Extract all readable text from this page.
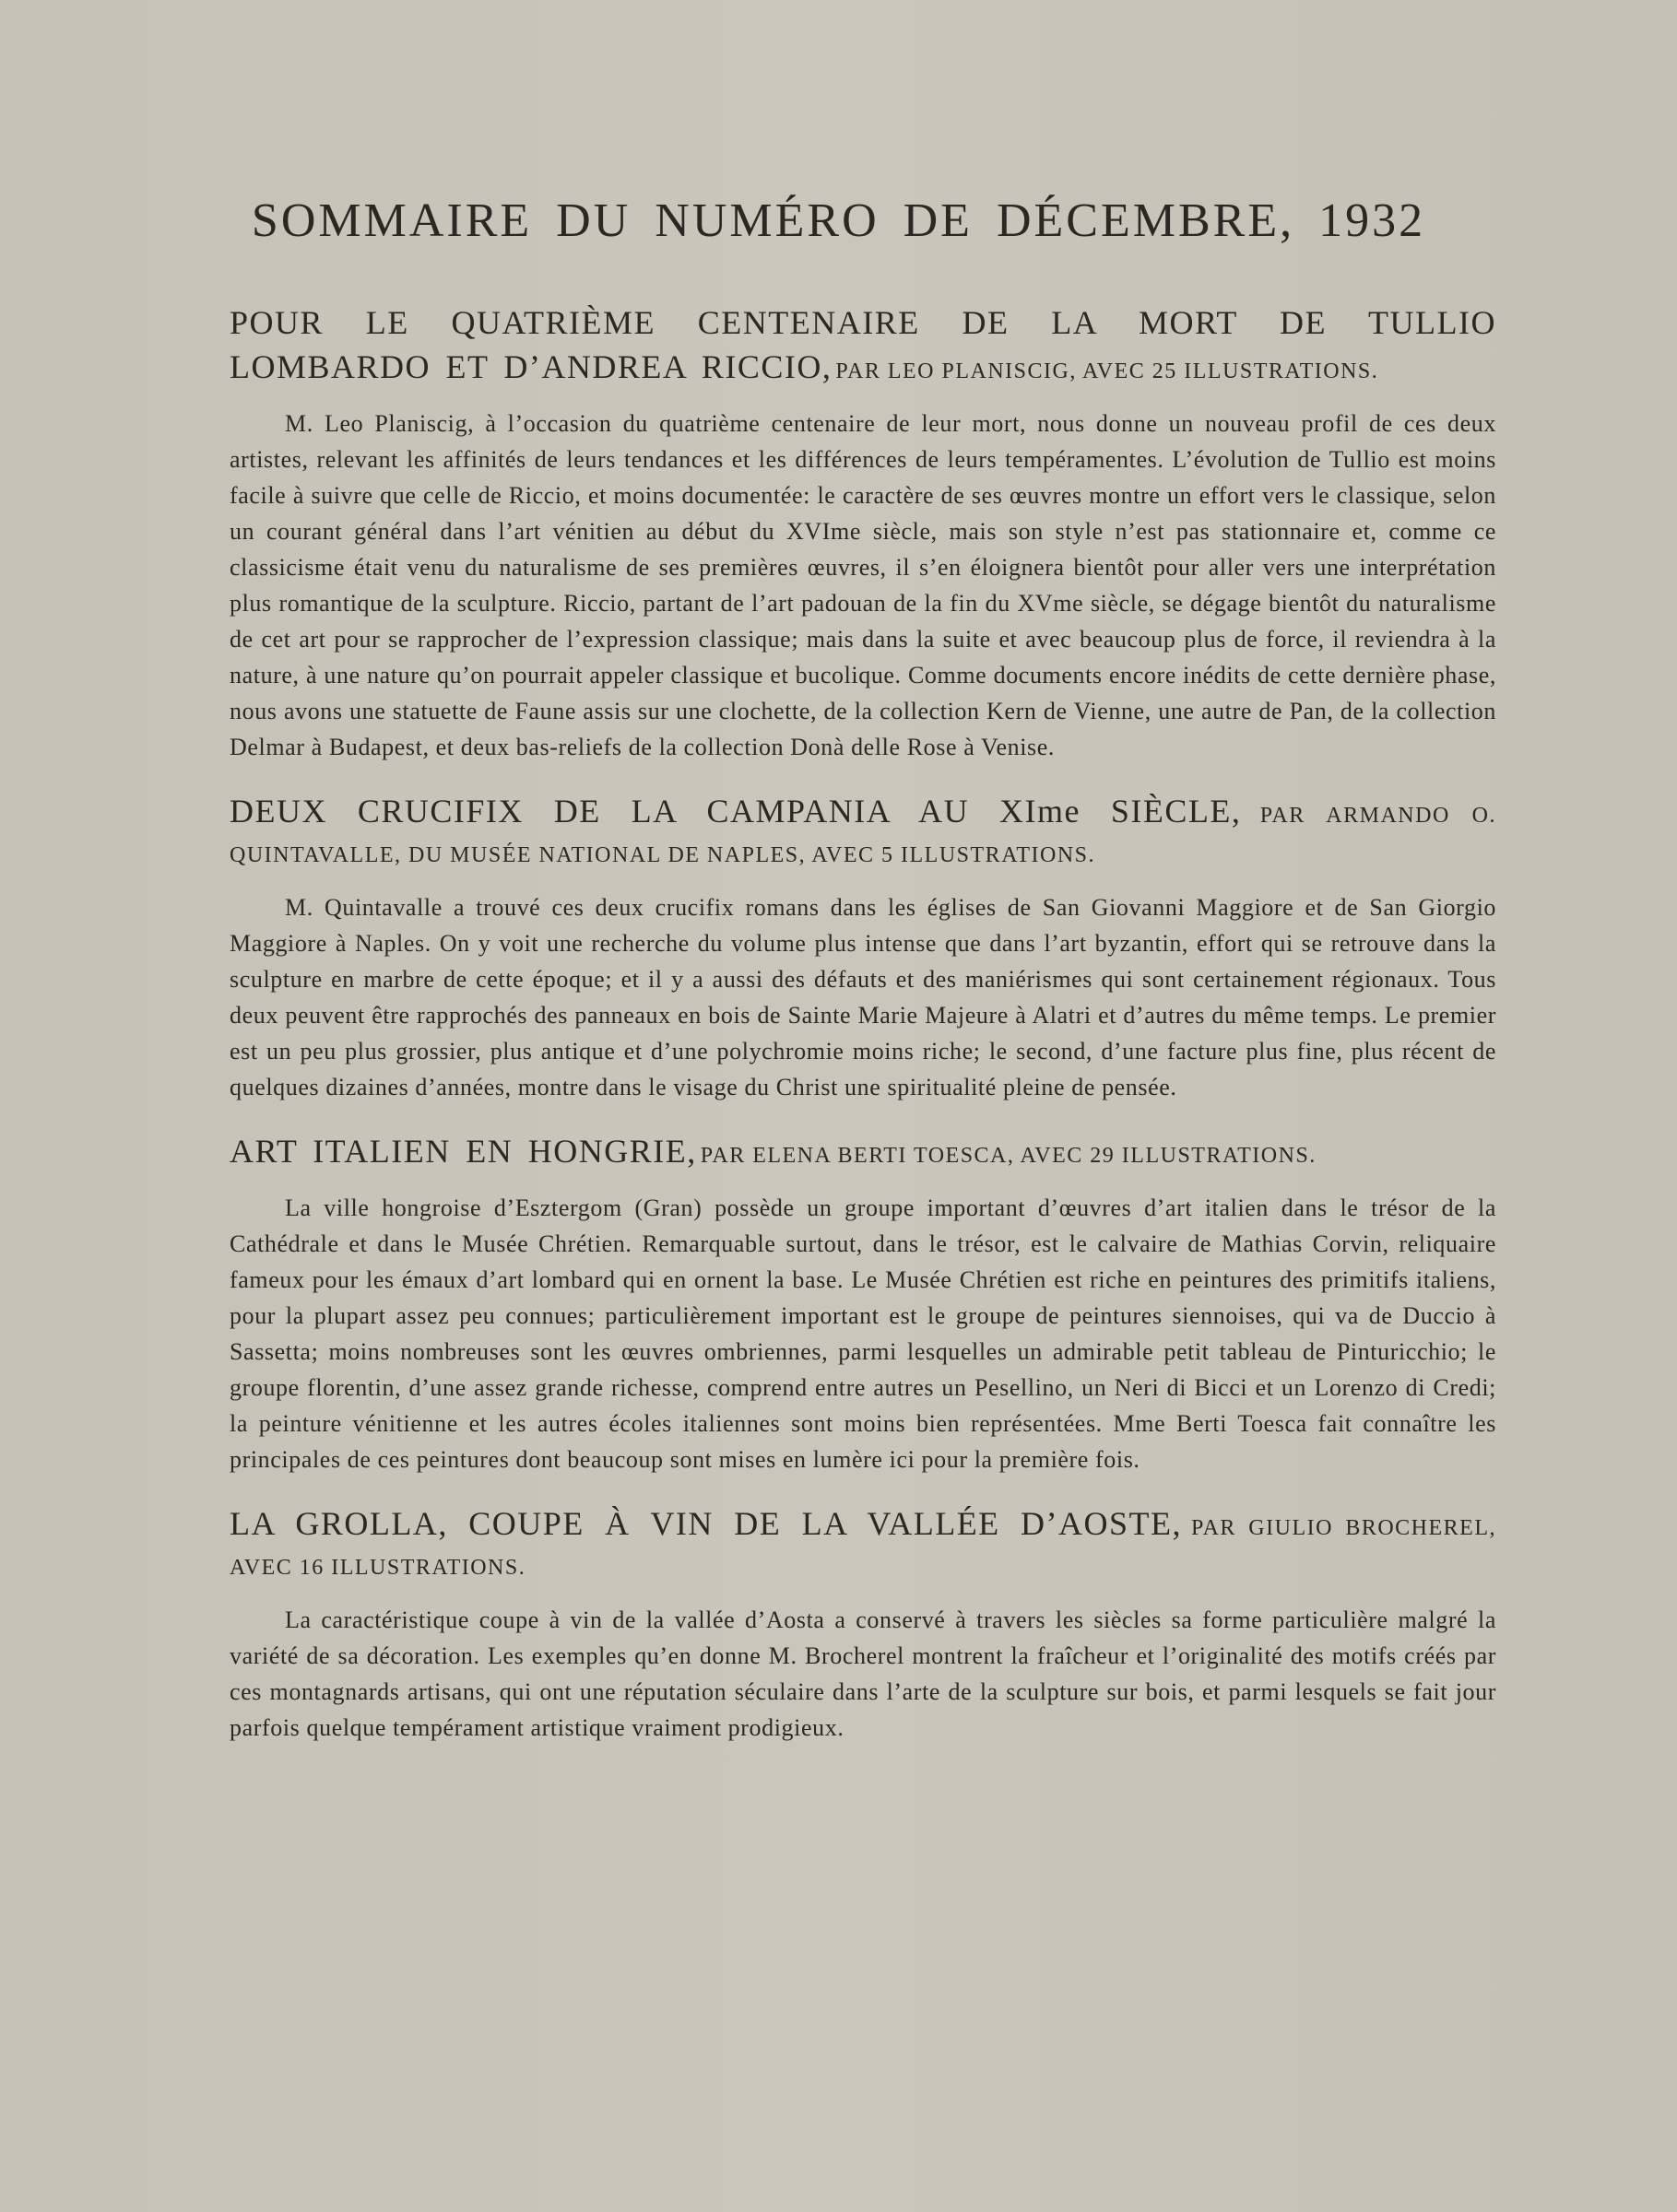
SOMMAIRE DU NUMÉRO DE DÉCEMBRE, 1932

POUR LE QUATRIÈME CENTENAIRE DE LA MORT DE TULLIO LOMBARDO ET D’ANDREA RICCIO, PAR LEO PLANISCIG, AVEC 25 ILLUSTRATIONS.

M. Leo Planiscig, à l’occasion du quatrième centenaire de leur mort, nous donne un nouveau profil de ces deux artistes, relevant les affinités de leurs tendances et les différences de leurs tempéramentes. L’évolution de Tullio est moins facile à suivre que celle de Riccio, et moins documentée: le caractère de ses œuvres montre un effort vers le classique, selon un courant général dans l’art vénitien au début du XVIme siècle, mais son style n’est pas stationnaire et, comme ce classicisme était venu du naturalisme de ses premières œuvres, il s’en éloignera bientôt pour aller vers une interprétation plus romantique de la sculpture. Riccio, partant de l’art padouan de la fin du XVme siècle, se dégage bientôt du naturalisme de cet art pour se rapprocher de l’expression classique; mais dans la suite et avec beaucoup plus de force, il reviendra à la nature, à une nature qu’on pourrait appeler classique et bucolique. Comme documents encore inédits de cette dernière phase, nous avons une statuette de Faune assis sur une clochette, de la collection Kern de Vienne, une autre de Pan, de la collection Delmar à Budapest, et deux bas-reliefs de la collection Donà delle Rose à Venise.

DEUX CRUCIFIX DE LA CAMPANIA AU XIme SIÈCLE, PAR ARMANDO O. QUINTAVALLE, DU MUSÉE NATIONAL DE NAPLES, AVEC 5 ILLUSTRATIONS.

M. Quintavalle a trouvé ces deux crucifix romans dans les églises de San Giovanni Maggiore et de San Giorgio Maggiore à Naples. On y voit une recherche du volume plus intense que dans l’art byzantin, effort qui se retrouve dans la sculpture en marbre de cette époque; et il y a aussi des défauts et des maniérismes qui sont certainement régionaux. Tous deux peuvent être rapprochés des panneaux en bois de Sainte Marie Majeure à Alatri et d’autres du même temps. Le premier est un peu plus grossier, plus antique et d’une polychromie moins riche; le second, d’une facture plus fine, plus récent de quelques dizaines d’années, montre dans le visage du Christ une spiritualité pleine de pensée.

ART ITALIEN EN HONGRIE, PAR ELENA BERTI TOESCA, AVEC 29 ILLUSTRATIONS.

La ville hongroise d’Esztergom (Gran) possède un groupe important d’œuvres d’art italien dans le trésor de la Cathédrale et dans le Musée Chrétien. Remarquable surtout, dans le trésor, est le calvaire de Mathias Corvin, reliquaire fameux pour les émaux d’art lombard qui en ornent la base. Le Musée Chrétien est riche en peintures des primitifs italiens, pour la plupart assez peu connues; particulièrement important est le groupe de peintures siennoises, qui va de Duccio à Sassetta; moins nombreuses sont les œuvres ombriennes, parmi lesquelles un admirable petit tableau de Pinturicchio; le groupe florentin, d’une assez grande richesse, comprend entre autres un Pesellino, un Neri di Bicci et un Lorenzo di Credi; la peinture vénitienne et les autres écoles italiennes sont moins bien représentées. Mme Berti Toesca fait connaître les principales de ces peintures dont beaucoup sont mises en lumère ici pour la première fois.

LA GROLLA, COUPE À VIN DE LA VALLÉE D’AOSTE, PAR GIULIO BROCHEREL, AVEC 16 ILLUSTRATIONS.

La caractéristique coupe à vin de la vallée d’Aosta a conservé à travers les siècles sa forme particulière malgré la variété de sa décoration. Les exemples qu’en donne M. Brocherel montrent la fraîcheur et l’originalité des motifs créés par ces montagnards artisans, qui ont une réputation séculaire dans l’arte de la sculpture sur bois, et parmi lesquels se fait jour parfois quelque tempérament artistique vraiment prodigieux.
